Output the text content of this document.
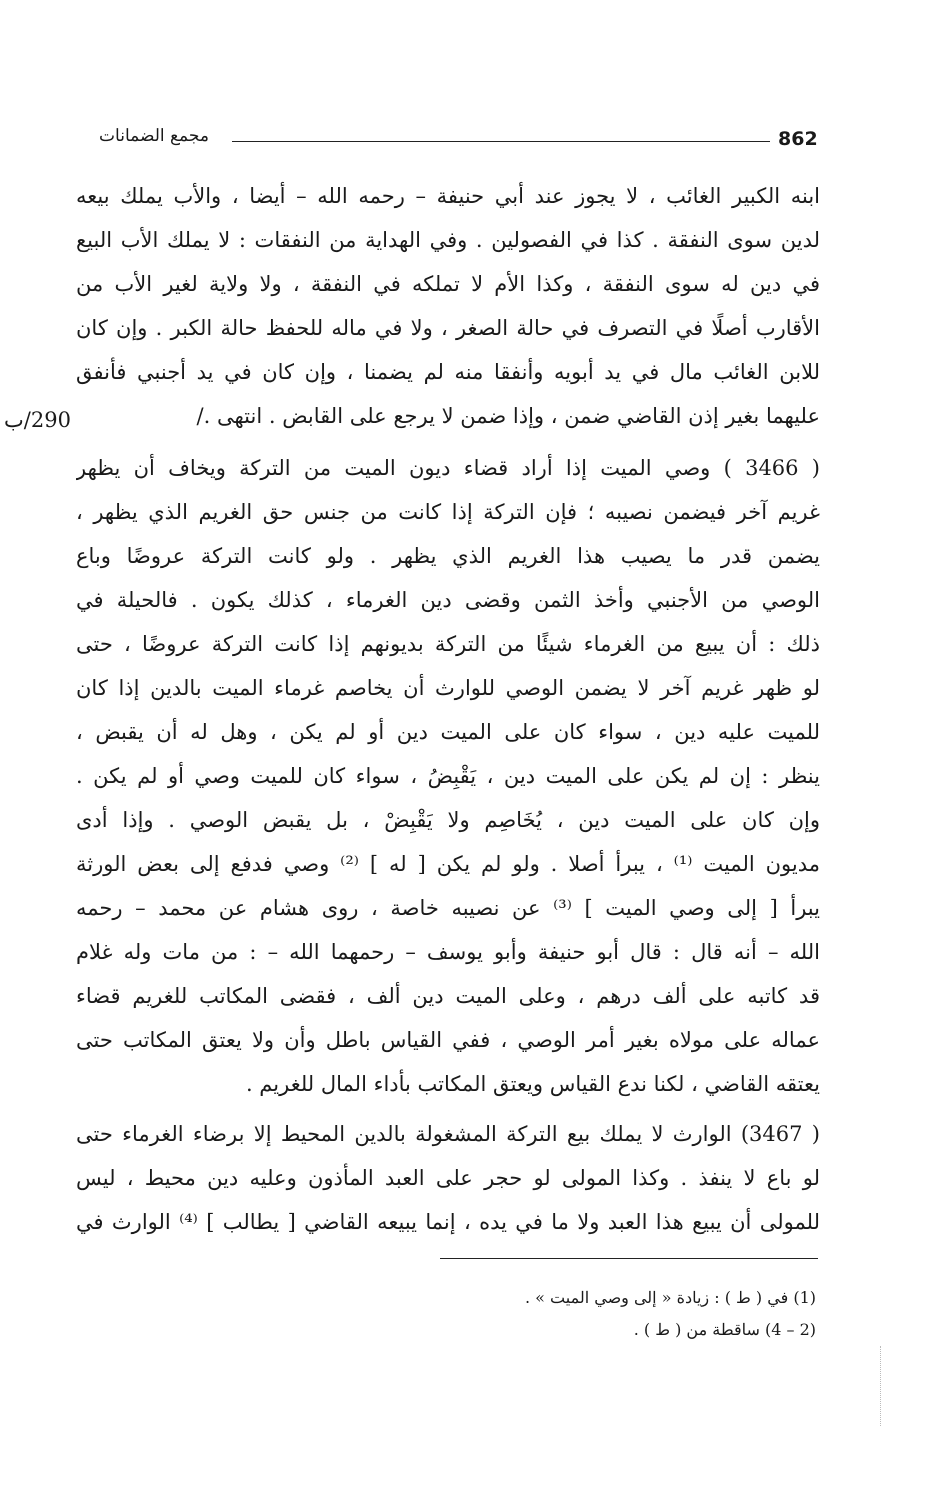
862
مجمع الضمانات
290/ب
ابنه الكبير الغائب ، لا يجوز عند أبي حنيفة – رحمه الله – أيضا ، والأب يملك بيعه
لدين سوى النفقة . كذا في الفصولين . وفي الهداية من النفقات : لا يملك الأب البيع
في دين له سوى النفقة ، وكذا الأم لا تملكه في النفقة ، ولا ولاية لغير الأب من
الأقارب أصلًا في التصرف في حالة الصغر ، ولا في ماله للحفظ حالة الكبر . وإن كان
للابن الغائب مال في يد أبويه وأنفقا منه لم يضمنا ، وإن كان في يد أجنبي فأنفق
عليهما بغير إذن القاضي ضمن ، وإذا ضمن لا يرجع على القابض . انتهى ./
( 3466 ) وصي الميت إذا أراد قضاء ديون الميت من التركة ويخاف أن يظهر
غريم آخر فيضمن نصيبه ؛ فإن التركة إذا كانت من جنس حق الغريم الذي يظهر ،
يضمن قدر ما يصيب هذا الغريم الذي يظهر . ولو كانت التركة عروضًا وباع
الوصي من الأجنبي وأخذ الثمن وقضى دين الغرماء ، كذلك يكون . فالحيلة في
ذلك : أن يبيع من الغرماء شيئًا من التركة بديونهم إذا كانت التركة عروضًا ، حتى
لو ظهر غريم آخر لا يضمن الوصي للوارث أن يخاصم غرماء الميت بالدين إذا كان
للميت عليه دين ، سواء كان على الميت دين أو لم يكن ، وهل له أن يقبض ،
ينظر : إن لم يكن على الميت دين ، يَقْبِضُ ، سواء كان للميت وصي أو لم يكن .
وإن كان على الميت دين ، يُخَاصِم ولا يَقْبِضْ ، بل يقبض الوصي . وإذا أدى
مديون الميت ⁽¹⁾ ، يبرأ أصلا . ولو لم يكن [ له ] ⁽²⁾ وصي فدفع إلى بعض الورثة
يبرأ [ إلى وصي الميت ] ⁽³⁾ عن نصيبه خاصة ، روى هشام عن محمد – رحمه
الله – أنه قال : قال أبو حنيفة وأبو يوسف – رحمهما الله – : من مات وله غلام
قد كاتبه على ألف درهم ، وعلى الميت دين ألف ، فقضى المكاتب للغريم قضاء
عماله على مولاه بغير أمر الوصي ، ففي القياس باطل وأن ولا يعتق المكاتب حتى
يعتقه القاضي ، لكنا ندع القياس ويعتق المكاتب بأداء المال للغريم .
( 3467) الوارث لا يملك بيع التركة المشغولة بالدين المحيط إلا برضاء الغرماء حتى
لو باع لا ينفذ . وكذا المولى لو حجر على العبد المأذون وعليه دين محيط ، ليس
للمولى أن يبيع هذا العبد ولا ما في يده ، إنما يبيعه القاضي [ يطالب ] ⁽⁴⁾ الوارث في
(1) في ( ط ) : زيادة « إلى وصي الميت » .
(2 – 4) ساقطة من ( ط ) .
